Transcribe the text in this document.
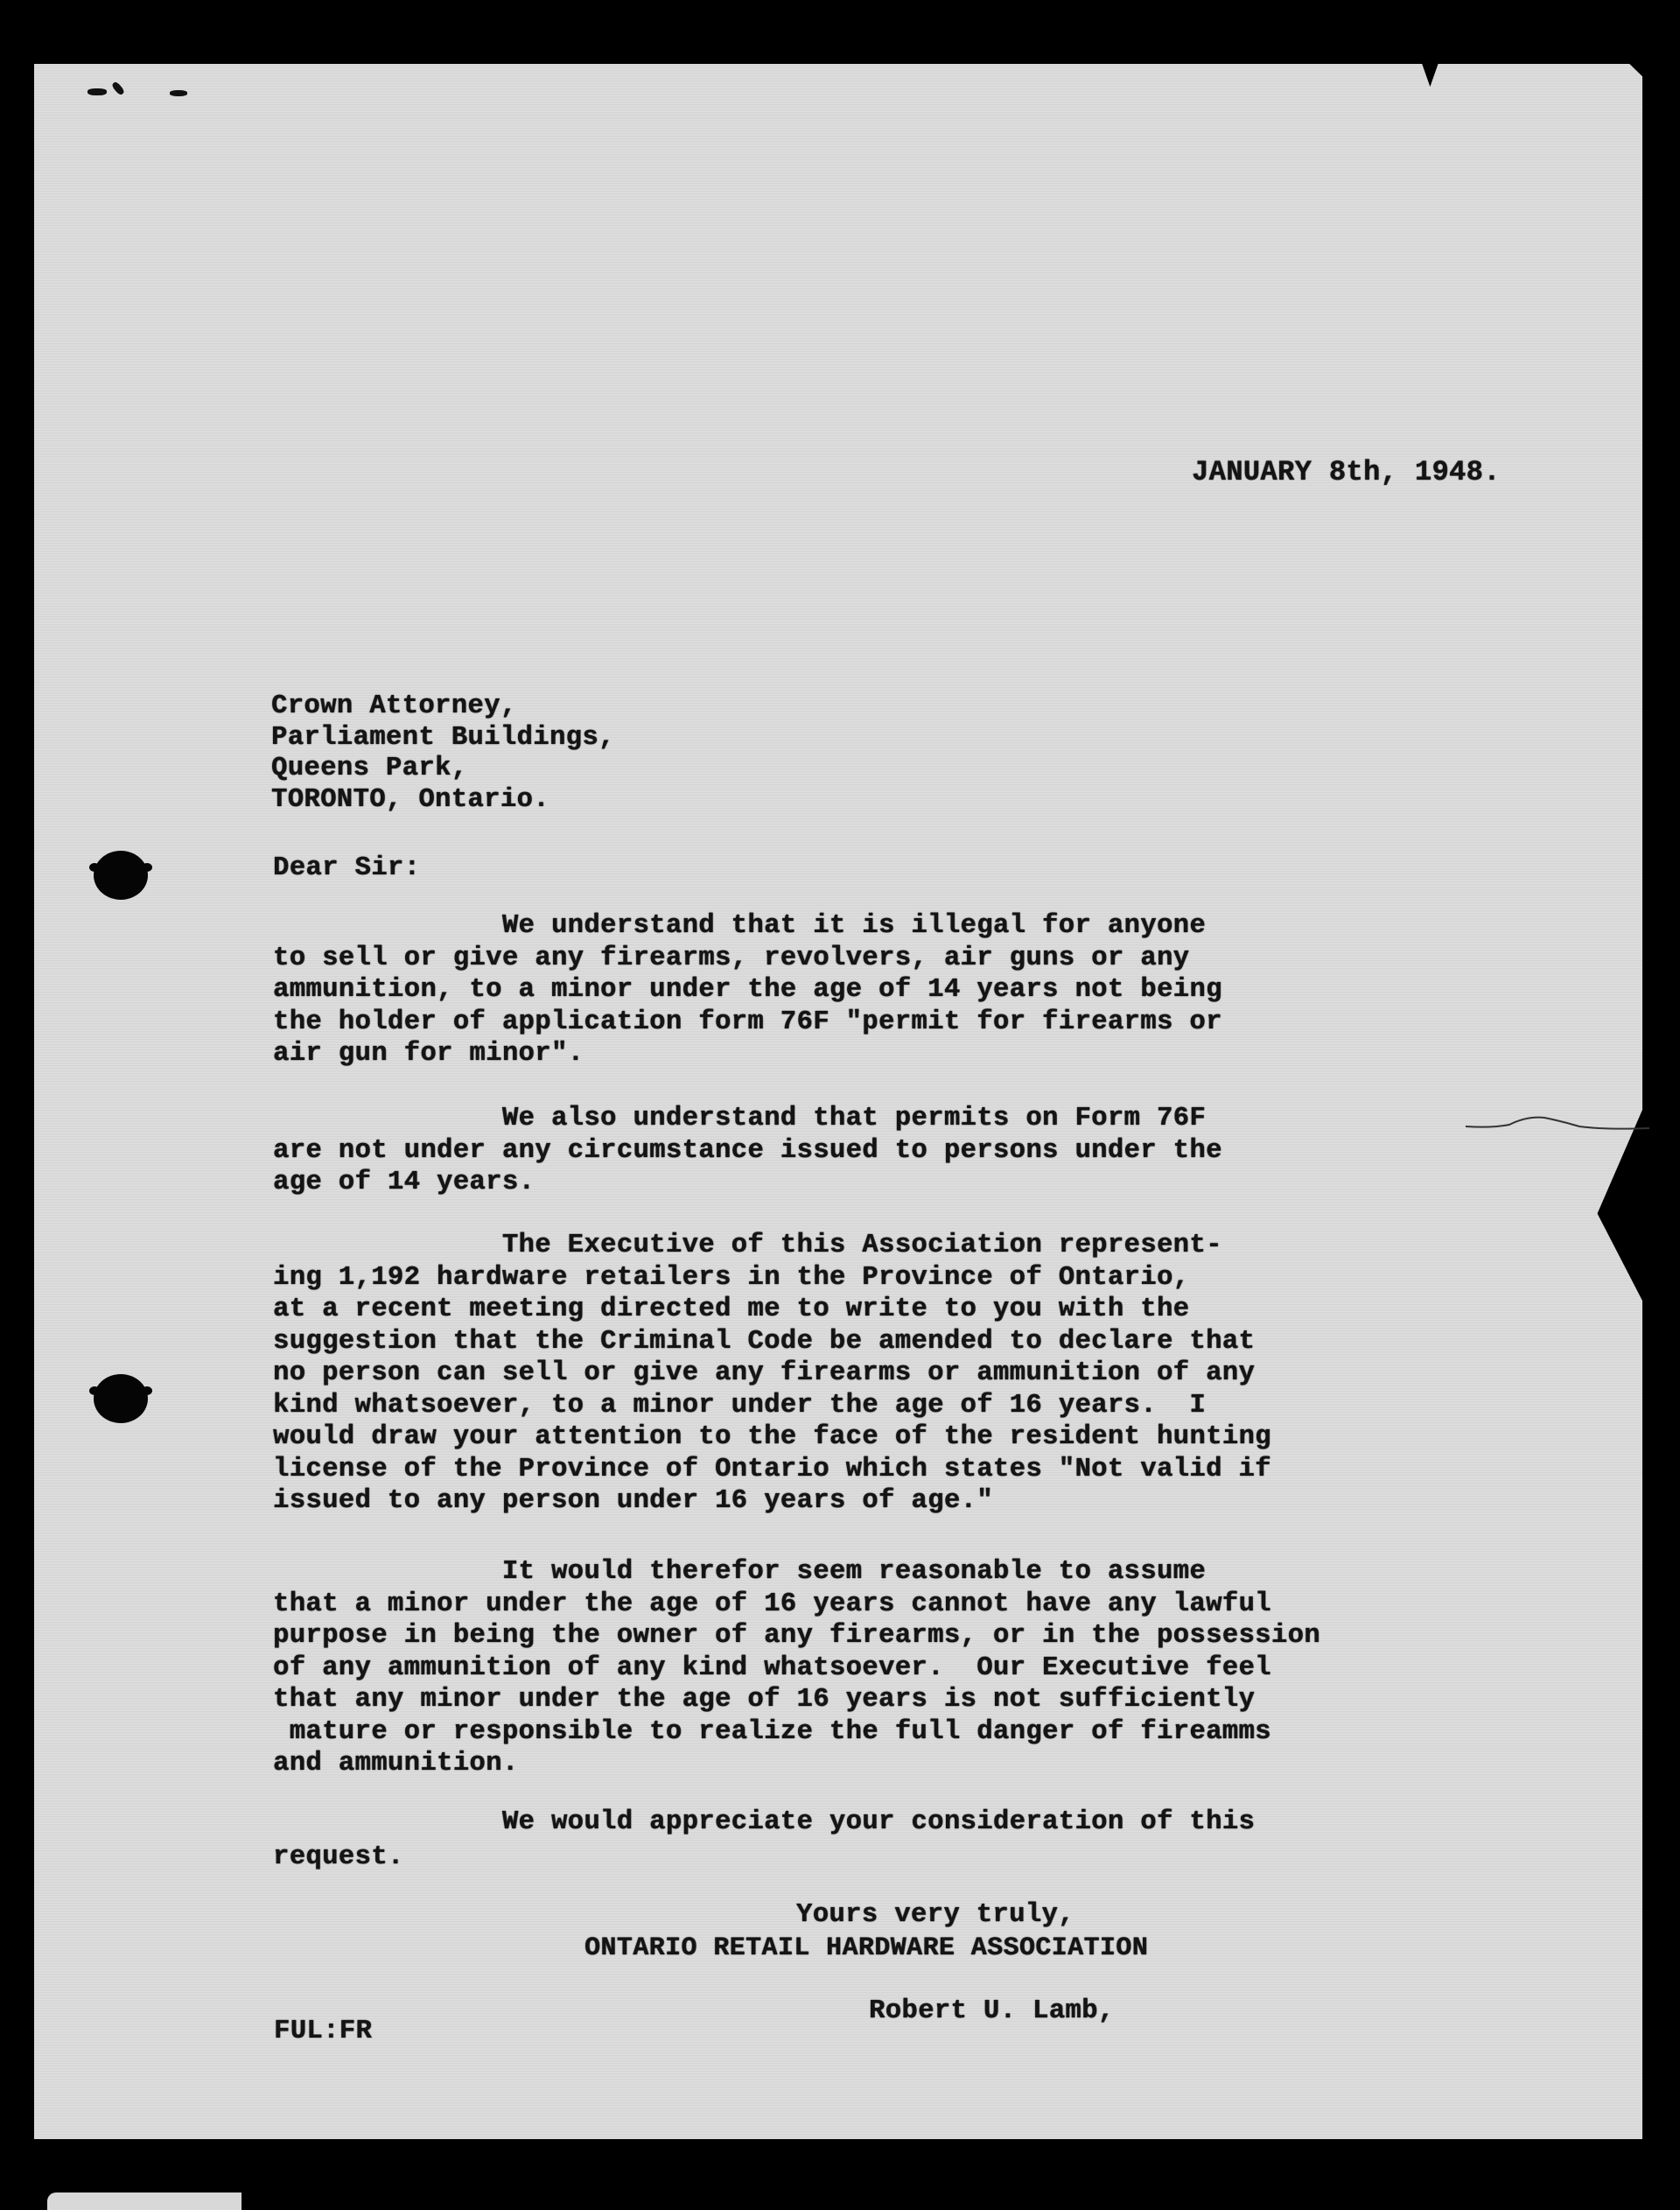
JANUARY 8th, 1948.
Crown Attorney,
Parliament Buildings,
Queens Park,
TORONTO, Ontario.
Dear Sir:
We understand that it is illegal for anyone
to sell or give any firearms, revolvers, air guns or any
ammunition, to a minor under the age of 14 years not being
the holder of application form 76F "permit for firearms or
air gun for minor".
We also understand that permits on Form 76F
are not under any circumstance issued to persons under the
age of 14 years.
The Executive of this Association represent-
ing 1,192 hardware retailers in the Province of Ontario,
at a recent meeting directed me to write to you with the
suggestion that the Criminal Code be amended to declare that
no person can sell or give any firearms or ammunition of any
kind whatsoever, to a minor under the age of 16 years.  I
would draw your attention to the face of the resident hunting
license of the Province of Ontario which states "Not valid if
issued to any person under 16 years of age."
It would therefor seem reasonable to assume
that a minor under the age of 16 years cannot have any lawful
purpose in being the owner of any firearms, or in the possession
of any ammunition of any kind whatsoever.  Our Executive feel
that any minor under the age of 16 years is not sufficiently
mature or responsible to realize the full danger of fireamms
and ammunition.
We would appreciate your consideration of this
request.
Yours very truly,
ONTARIO RETAIL HARDWARE ASSOCIATION
Robert U. Lamb,
FUL:FR
